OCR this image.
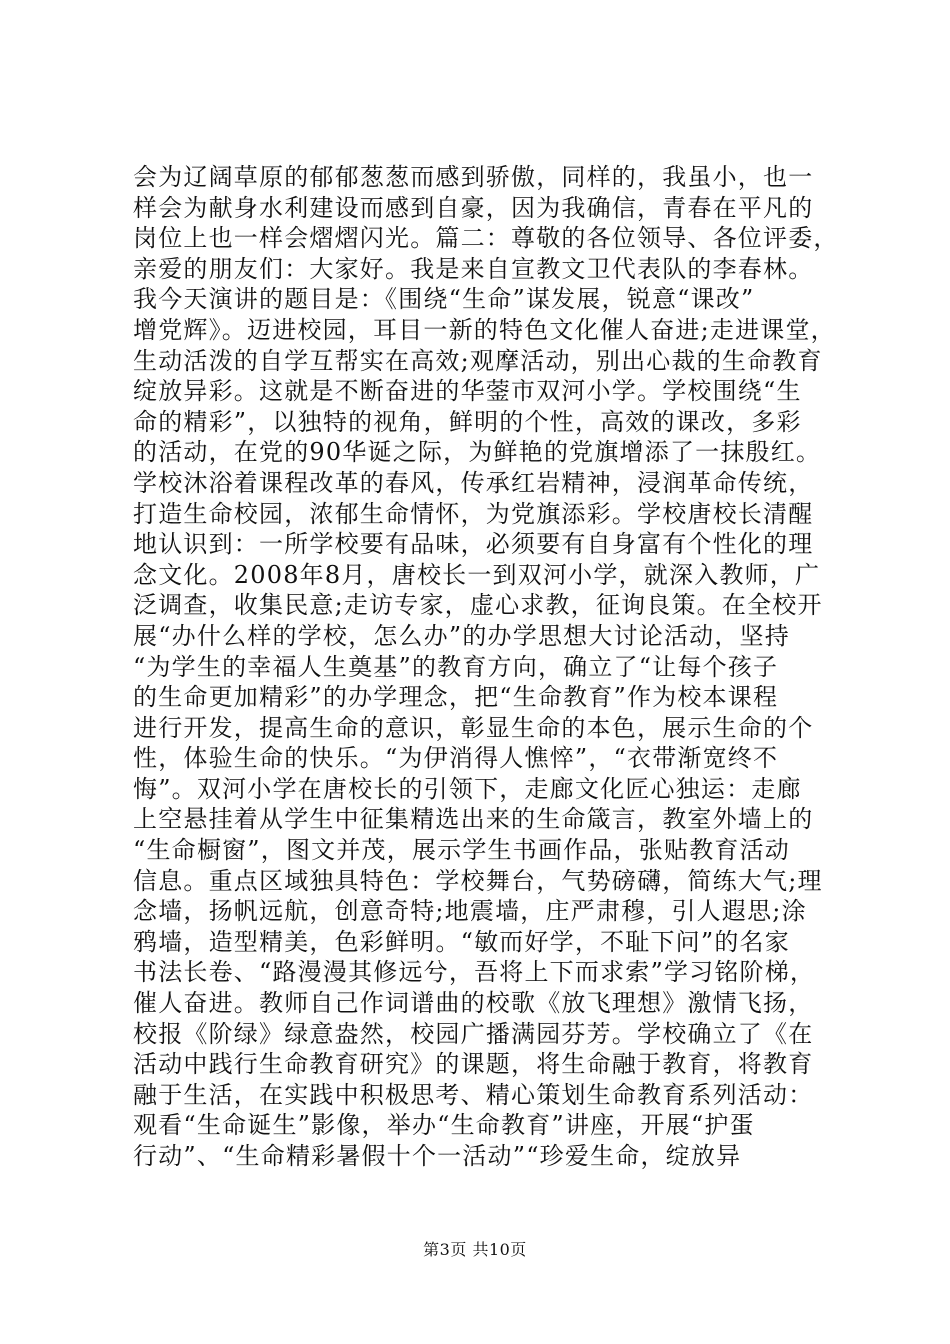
会为辽阔草原的郁郁葱葱而感到骄傲，同样的，我虽小，也一
样会为献身水利建设而感到自豪，因为我确信，青春在平凡的
岗位上也一样会熠熠闪光。篇二：尊敬的各位领导、各位评委，
亲爱的朋友们：大家好。我是来自宣教文卫代表队的李春林。
我今天演讲的题目是：《围绕“生命”谋发展，锐意“课改”
增党辉》。迈进校园，耳目一新的特色文化催人奋进;走进课堂，
生动活泼的自学互帮实在高效;观摩活动，别出心裁的生命教育
绽放异彩。这就是不断奋进的华蓥市双河小学。学校围绕“生
命的精彩”，以独特的视角，鲜明的个性，高效的课改，多彩
的活动，在党的90华诞之际，为鲜艳的党旗增添了一抹殷红。
学校沐浴着课程改革的春风，传承红岩精神，浸润革命传统，
打造生命校园，浓郁生命情怀，为党旗添彩。学校唐校长清醒
地认识到：一所学校要有品味，必须要有自身富有个性化的理
念文化。2008年8月，唐校长一到双河小学，就深入教师，广
泛调查，收集民意;走访专家，虚心求教，征询良策。在全校开
展“办什么样的学校，怎么办”的办学思想大讨论活动，坚持
“为学生的幸福人生奠基”的教育方向，确立了“让每个孩子
的生命更加精彩”的办学理念，把“生命教育”作为校本课程
进行开发，提高生命的意识，彰显生命的本色，展示生命的个
性，体验生命的快乐。“为伊消得人憔悴”，“衣带渐宽终不
悔”。双河小学在唐校长的引领下，走廊文化匠心独运：走廊
上空悬挂着从学生中征集精选出来的生命箴言，教室外墙上的
“生命橱窗”，图文并茂，展示学生书画作品，张贴教育活动
信息。重点区域独具特色：学校舞台，气势磅礴，简练大气;理
念墙，扬帆远航，创意奇特;地震墙，庄严肃穆，引人遐思;涂
鸦墙，造型精美，色彩鲜明。“敏而好学，不耻下问”的名家
书法长卷、“路漫漫其修远兮，吾将上下而求索”学习铭阶梯，
催人奋进。教师自己作词谱曲的校歌《放飞理想》激情飞扬，
校报《阶绿》绿意盎然，校园广播满园芬芳。学校确立了《在
活动中践行生命教育研究》的课题，将生命融于教育，将教育
融于生活，在实践中积极思考、精心策划生命教育系列活动：
观看“生命诞生”影像，举办“生命教育”讲座，开展“护蛋
行动”、“生命精彩暑假十个一活动”“珍爱生命，绽放异
第3页 共10页
